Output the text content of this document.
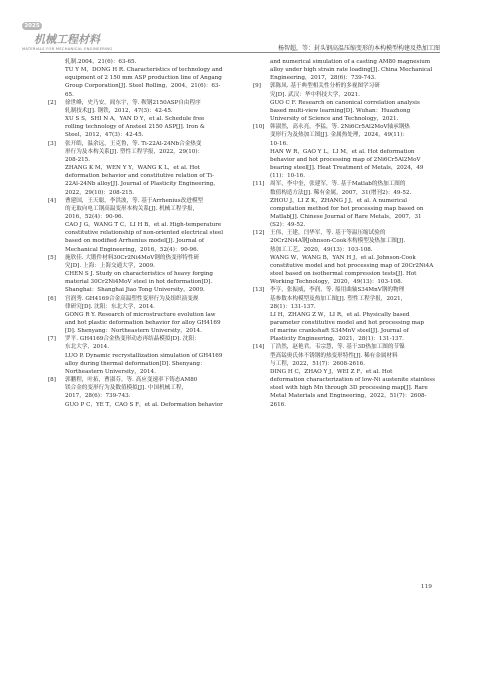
2025
机械工程材料
MATERIALS FOR MECHANICAL ENGINEERING	杨智超，等：封头钢高温压缩变形的本构模型构建及热加工图
轧制.2004，21(6)：63-65.
TU Y M，DONG H R. Characteristics of technology and
equipment of 2 150 mm ASP production line of Angang
Group Corporation[J]. Steel Rolling，2004，21(6)：63-
65.
[2] 徐世峰，史乃安，阎东宇，等. 鞍钢2150ASP自由程序
轧制技术[J]. 钢铁，2012，47(3)：42-45.
XU S S，SHI N A，YAN D Y，et al. Schedule free
rolling technology of Ansteel 2150 ASP[J]. Iron &
Steel，2012，47(3)：42-45.
[3] 张开皓，温余远，王克鲁，等. Ti-22Al-24Nb合金热变
形行为及本构关系[J]. 塑性工程学报，2022，29(10)：
208-215.
ZHANG K M，WEN Y Y，WANG K L，et al. Hot
deformation behavior and constitutive relation of Ti-
22Al-24Nb alloy[J]. Journal of Plasticity Engineering，
2022，29(10)：208-215.
[4] 曹建国，王天聪，李洪波，等. 基于Arrhenius改进模型
的无取向电工钢高温变形本构关系[J]. 机械工程学报，
2016，52(4)：90-96.
CAO J G，WANG T C，LI H B，et al. High-temperature
constitutive relationship of non-oriented electrical steel
based on modified Arrhenius model[J]. Journal of
Mechanical Engineering，2016，52(4)：90-96.
[5] 施欣佳. 大锻件材料30Cr2Ni4MoV钢的热变形特性研
究[D]. 上海：上海交通大学，2009.
CHEN S J. Study on characteristics of heavy forging
material 30Cr2Ni4MoV steel in hot deformation[D].
Shanghai：Shanghai Jiao Tong University，2009.
[6] 宫润秀. GH4169合金高温塑性变形行为及组织演变规
律研究[D]. 沈阳：东北大学，2014.
GONG R Y. Research of microstructure evolution law
and hot plastic deformation behavior for alloy GH4169
[D]. Shenyang：Northeastern University，2014.
[7] 罗平. GH4169合金热变形动态再结晶模拟[D]. 沈阳：
东北大学，2014.
LUO P. Dynamic recrystallization simulation of GH4169
alloy during thermal deformation[D]. Shenyang：
Northeastern University，2014.
[8] 郭鹏程，叶拓，曹淑芬，等. 高应变速率下铸态AM80
镁合金的变形行为及数值模拟[J]. 中国机械工程，
2017，28(6)：739-743.
GUO P C，YE T，CAO S F，et al. Deformation behavior
and numerical simulation of a casting AM80 magnesium
alloy under high strain rate loading[J]. China Mechanical
Engineering，2017，28(6)：739-743.
[9] 郭陈凤. 基于典型相关性分析的多视图学习研
究[D]. 武汉：华中科技大学，2021.
GUO C F. Research on canonical correlation analysis
based multi-view learning[D]. Wuhan：Huazhong
University of Science and Technology，2021.
[10] 韩淑然，高永亮，李猛，等. 2Ni6Cr5Al2MoV轴承钢热
变形行为及热加工图[J]. 金属热处理，2024，49(11)：
10-16.
HAN W R，GAO Y L，LI M，et al. Hot deformation
behavior and hot processing map of 2Ni6Cr5Al2MoV
bearing steel[J]. Heat Treatment of Metals，2024，49
(11)：10-16.
[11] 周军，李中奎，张建军，等. 基于Matlab的热加工图的
数值构造方法[J]. 稀有金属，2007，31(增刊2)：49-52.
ZHOU J，LI Z K，ZHANG J J，et al. A numerical
computation method for hot processing map based on
Matlab[J]. Chinese Journal of Rare Metals，2007，31
(S2)：49-52.
[12] 王伟，王建，闫华军，等. 基于等温压缩试验的
20Cr2Ni4A钢Johnson-Cook本构模型及热加工图[J].
热加工工艺，2020，49(13)：103-108.
WANG W，WANG B，YAN H J，et al. Johnson-Cook
constitutive model and hot processing map of 20Cr2Ni4A
steel based on isothermal compression tests[J]. Hot
Working Technology，2020，49(13)：103-108.
[13] 李亨，张振威，李润，等. 船用曲轴S34MnV钢的物理
基参数本构模型及热加工图[J]. 塑性工程学报，2021，
28(1)：131-137.
LI H，ZHANG Z W，LI R，et al. Physically based
parameter constitutive model and hot processing map
of marine crankshaft S34MnV steel[J]. Journal of
Plasticity Engineering，2021，28(1)：131-137.
[14] 丁浩然，赵艳君，韦宗慧，等. 基于3D热加工图的节镍
型高锰奥氏体不锈钢的热变形特性[J]. 稀有金属材料
与工程，2022，51(7)：2608-2616.
DING H C，ZHAO Y J，WEI Z F，et al. Hot
deformation characterization of low-Ni austenite stainless
steel with high Mn through 3D processing map[J]. Rare
Metal Materials and Engineering，2022，51(7)：2608-
2616.
119
